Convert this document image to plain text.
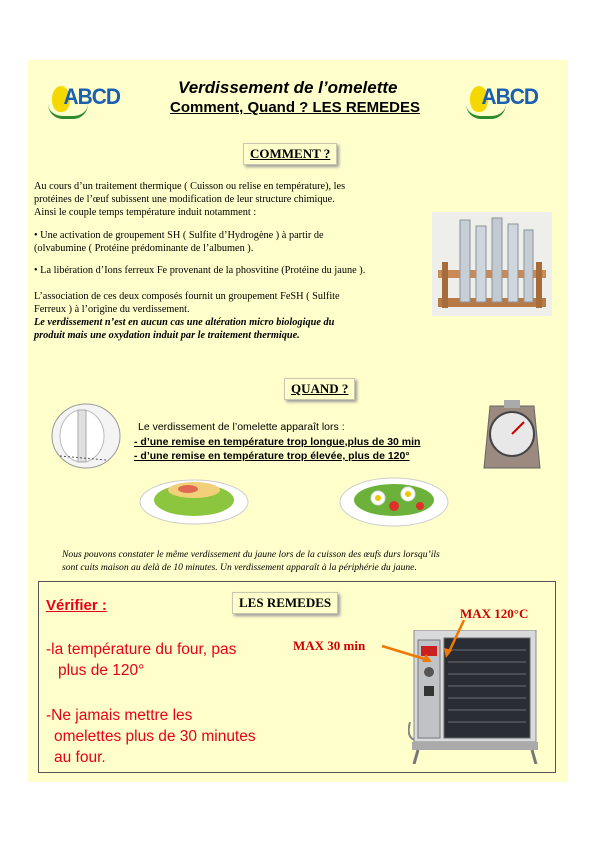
ABCD	ABCD
Verdissement de l’omelette
Comment, Quand ? LES REMEDES
COMMENT ?
Au cours d’un traitement thermique ( Cuisson ou relise en température), les
protéines de l’œuf subissent une modification de leur structure chimique.
Ainsi le couple temps température induit notamment :
• Une activation de groupement SH ( Sulfite d’Hydrogène ) à partir de
(olvabumine ( Protéine prédominante de l’albumen ).
• La libération d’Ions ferreux Fe provenant de la phosvitine (Protéine du jaune ).
L’association de ces deux composés fournit un groupement FeSH ( Sulfite
Ferreux ) à l’origine du verdissement.
Le verdissement n’est en aucun cas une altération micro biologique du
produit mais une oxydation induit par le traitement thermique.
QUAND ?
Le verdissement de l’omelette apparaît lors :
- d’une remise en température trop longue,plus de 30 min
- d’une remise en température trop élevée, plus de 120°
Nous pouvons constater le même verdissement du jaune lors de la cuisson des œufs durs lorsqu’ils
sont cuits maison au delà de 10 minutes. Un verdissement apparaît à la périphérie du jaune.
LES REMEDES
Vérifier :
-la température du four, pas
plus de 120°
-Ne jamais mettre les
omelettes plus de 30 minutes
au four.
MAX 120°C
MAX 30 min
